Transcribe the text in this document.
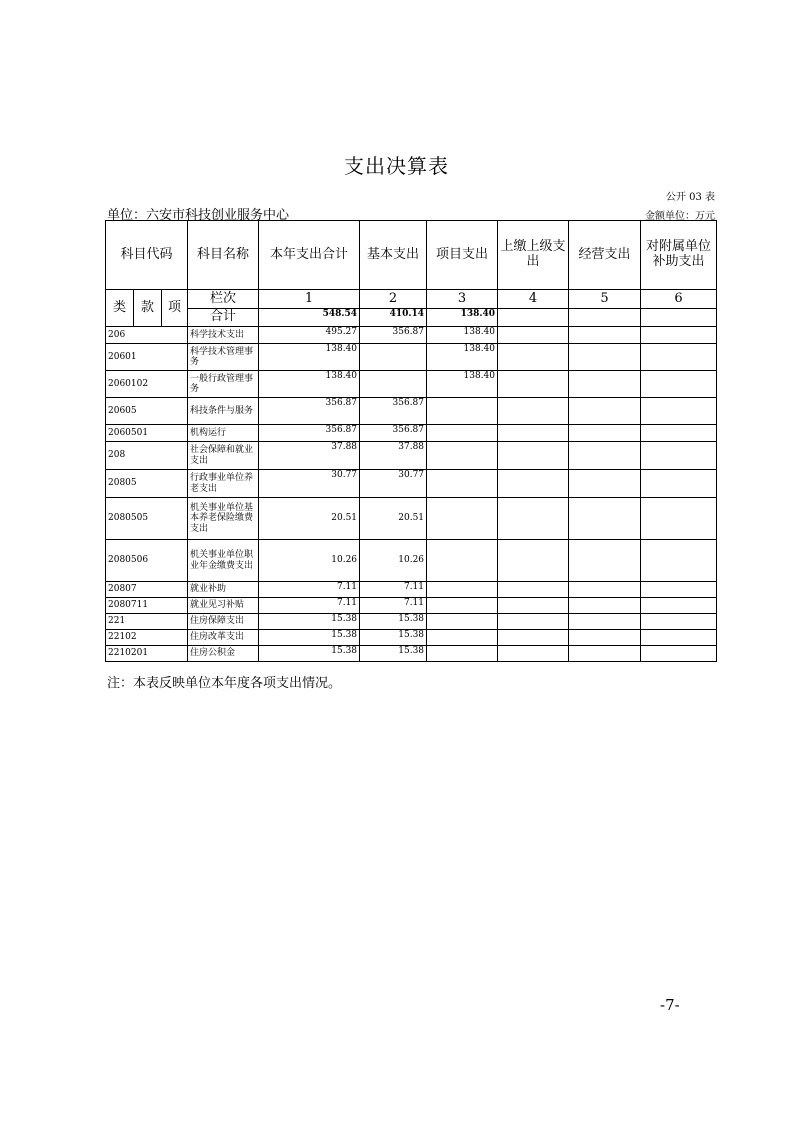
支出决算表
公开 03 表
单位：六安市科技创业服务中心	金额单位：万元
科目代码			科目名称	本年支出合计	基本支出	项目支出	上缴上级支出	经营支出	对附属单位补助支出
类	款	项	栏次	1	2	3	4	5	6
			合计	548.54	410.14	138.40			
206			科学技术支出	495.27	356.87	138.40			
20601			科学技术管理事务	138.40		138.40			
2060102			一般行政管理事务	138.40		138.40			
20605			科技条件与服务	356.87	356.87				
2060501			机构运行	356.87	356.87				
208			社会保障和就业支出	37.88	37.88				
20805			行政事业单位养老支出	30.77	30.77				
2080505			机关事业单位基本养老保险缴费支出	20.51	20.51				
2080506			机关事业单位职业年金缴费支出	10.26	10.26				
20807			就业补助	7.11	7.11				
2080711			就业见习补贴	7.11	7.11				
221			住房保障支出	15.38	15.38				
22102			住房改革支出	15.38	15.38				
2210201			住房公积金	15.38	15.38				
注：本表反映单位本年度各项支出情况。
-7-
